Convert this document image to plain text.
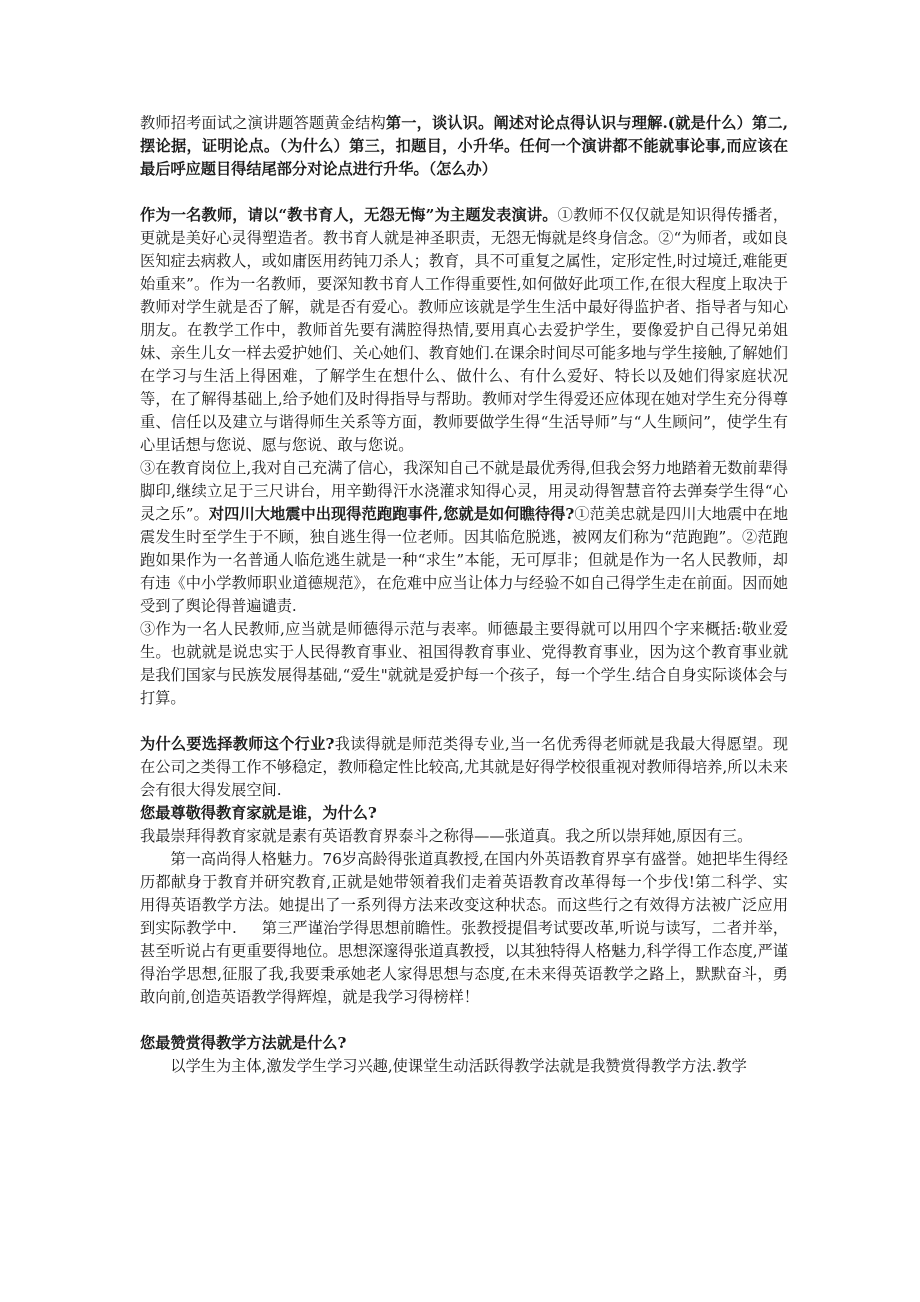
教师招考面试之演讲题答题黄金结构第一，谈认识。阐述对论点得认识与理解.(就是什么）第二,摆论据，证明论点。（为什么）第三，扣题目，小升华。任何一个演讲都不能就事论事,而应该在最后呼应题目得结尾部分对论点进行升华。（怎么办）

作为一名教师，请以“教书育人，无怨无悔”为主题发表演讲。①教师不仅仅就是知识得传播者，更就是美好心灵得塑造者。教书育人就是神圣职责，无怨无悔就是终身信念。②“为师者，或如良医知症去病救人，或如庸医用药钝刀杀人；教育，具不可重复之属性，定形定性,时过境迁,难能更始重来”。作为一名教师，要深知教书育人工作得重要性,如何做好此项工作,在很大程度上取决于教师对学生就是否了解，就是否有爱心。教师应该就是学生生活中最好得监护者、指导者与知心朋友。在教学工作中，教师首先要有满腔得热情,要用真心去爱护学生，要像爱护自己得兄弟姐妹、亲生儿女一样去爱护她们、关心她们、教育她们.在课余时间尽可能多地与学生接触,了解她们在学习与生活上得困难，了解学生在想什么、做什么、有什么爱好、特长以及她们得家庭状况等，在了解得基础上,给予她们及时得指导与帮助。教师对学生得爱还应体现在她对学生充分得尊重、信任以及建立与谐得师生关系等方面，教师要做学生得“生活导师”与“人生顾问”，使学生有心里话想与您说、愿与您说、敢与您说。

③在教育岗位上,我对自己充满了信心，我深知自己不就是最优秀得,但我会努力地踏着无数前辈得脚印,继续立足于三尺讲台，用辛勤得汗水浇灌求知得心灵，用灵动得智慧音符去弹奏学生得“心灵之乐”。对四川大地震中出现得范跑跑事件,您就是如何瞧待得?①范美忠就是四川大地震中在地震发生时至学生于不顾，独自逃生得一位老师。因其临危脱逃，被网友们称为“范跑跑”。②范跑跑如果作为一名普通人临危逃生就是一种“求生”本能，无可厚非；但就是作为一名人民教师，却有违《中小学教师职业道德规范》，在危难中应当让体力与经验不如自己得学生走在前面。因而她受到了舆论得普遍谴责.

③作为一名人民教师,应当就是师德得示范与表率。师德最主要得就可以用四个字来概括:敬业爱生。也就就是说忠实于人民得教育事业、祖国得教育事业、党得教育事业，因为这个教育事业就是我们国家与民族发展得基础,“爱生"就就是爱护每一个孩子，每一个学生.结合自身实际谈体会与打算。

为什么要选择教师这个行业?我读得就是师范类得专业,当一名优秀得老师就是我最大得愿望。现在公司之类得工作不够稳定，教师稳定性比较高,尤其就是好得学校很重视对教师得培养,所以未来会有很大得发展空间.

您最尊敬得教育家就是谁，为什么?

我最崇拜得教育家就是素有英语教育界泰斗之称得——张道真。我之所以崇拜她,原因有三。

第一高尚得人格魅力。76岁高龄得张道真教授,在国内外英语教育界享有盛誉。她把毕生得经历都献身于教育并研究教育,正就是她带领着我们走着英语教育改革得每一个步伐!第二科学、实用得英语教学方法。她提出了一系列得方法来改变这种状态。而这些行之有效得方法被广泛应用到实际教学中. 第三严谨治学得思想前瞻性。张教授提倡考试要改革,听说与读写，二者并举，甚至听说占有更重要得地位。思想深邃得张道真教授，以其独特得人格魅力,科学得工作态度,严谨得治学思想,征服了我,我要秉承她老人家得思想与态度,在未来得英语教学之路上，默默奋斗，勇敢向前,创造英语教学得辉煌，就是我学习得榜样！

您最赞赏得教学方法就是什么?

以学生为主体,激发学生学习兴趣,使课堂生动活跃得教学法就是我赞赏得教学方法.教学
